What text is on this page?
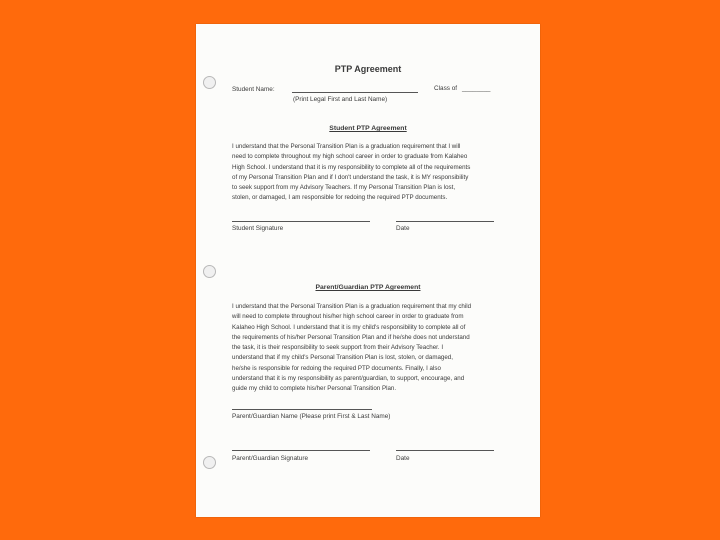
PTP Agreement
Student Name:	Class of ________
(Print Legal First and Last Name)
Student PTP Agreement
I understand that the Personal Transition Plan is a graduation requirement that I will
need to complete throughout my high school career in order to graduate from Kalaheo
High School. I understand that it is my responsibility to complete all of the requirements
of my Personal Transition Plan and if I don't understand the task, it is MY responsibility
to seek support from my Advisory Teachers. If my Personal Transition Plan is lost,
stolen, or damaged, I am responsible for redoing the required PTP documents.
Student Signature	Date
Parent/Guardian PTP Agreement
I understand that the Personal Transition Plan is a graduation requirement that my child
will need to complete throughout his/her high school career in order to graduate from
Kalaheo High School. I understand that it is my child's responsibility to complete all of
the requirements of his/her Personal Transition Plan and if he/she does not understand
the task, it is their responsibility to seek support from their Advisory Teacher. I
understand that if my child's Personal Transition Plan is lost, stolen, or damaged,
he/she is responsible for redoing the required PTP documents. Finally, I also
understand that it is my responsibility as parent/guardian, to support, encourage, and
guide my child to complete his/her Personal Transition Plan.
Parent/Guardian Name (Please print First & Last Name)
Parent/Guardian Signature	Date
